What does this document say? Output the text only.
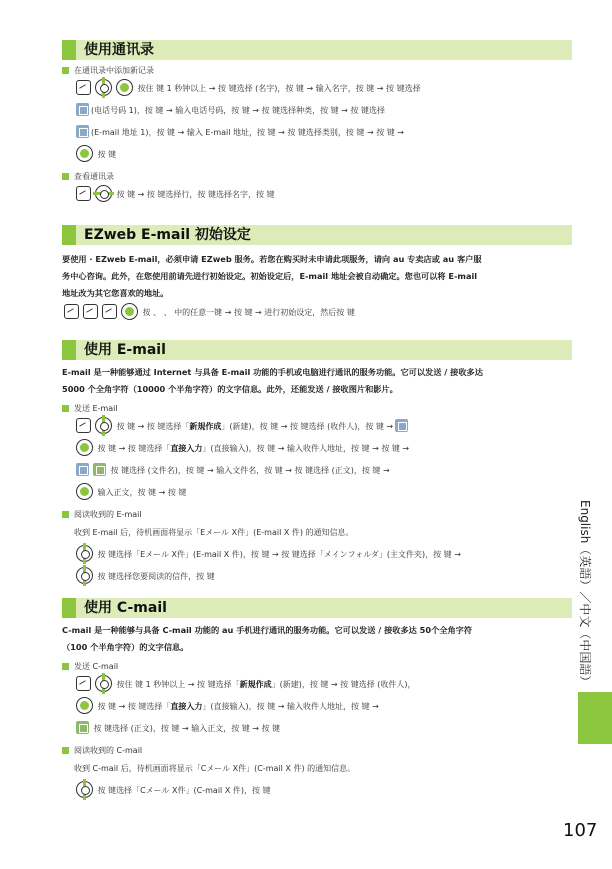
使用通讯录
在通讯录中添加新记录
按住 键 1 秒钟以上 → 按 键选择 (名字)，按 键 → 输入名字，按 键 → 按 键选择
(电话号码 1)，按 键 → 输入电话号码，按 键 → 按 键选择种类，按 键 → 按 键选择
(E-mail 地址 1)，按 键 → 输入 E-mail 地址，按 键 → 按 键选择类别，按 键 → 按 键 →
按 键
查看通讯录
按 键 → 按 键选择行，按 键选择名字，按 键
EZweb E-mail 初始设定
要使用 · EZweb E-mail，必须申请 EZweb 服务。若您在购买时未申请此项服务，请向 au 专卖店或 au 客户服
务中心咨询。此外，在您使用前请先进行初始设定。初始设定后，E-mail 地址会被自动确定。您也可以将 E-mail
地址改为其它您喜欢的地址。
按 、 、 中的任意一键 → 按 键 → 进行初始设定，然后按 键
使用 E-mail
E-mail 是一种能够通过 Internet 与具备 E-mail 功能的手机或电脑进行通讯的服务功能。它可以发送 / 接收多达
5000 个全角字符（10000 个半角字符）的文字信息。此外，还能发送 / 接收图片和影片。
发送 E-mail
按 键 → 按 键选择「新規作成」(新建)，按 键 → 按 键选择 (收件人)，按 键 →
按 键 → 按 键选择「直接入力」(直接输入)，按 键 → 输入收件人地址，按 键 → 按 键 →
按 键选择 (文件名)，按 键 → 输入文件名，按 键 → 按 键选择 (正文)，按 键 →
输入正文，按 键 → 按 键
阅读收到的 E-mail
收到 E-mail 后，待机画面将显示「Eメール X件」(E-mail X 件) 的通知信息。
按 键选择「Eメール X件」(E-mail X 件)，按 键 → 按 键选择「メインフォルダ」(主文件夹)，按 键 →
按 键选择您要阅读的信件，按 键
使用 C-mail
C-mail 是一种能够与具备 C-mail 功能的 au 手机进行通讯的服务功能。它可以发送 / 接收多达 50个全角字符
（100 个半角字符）的文字信息。
发送 C-mail
按住 键 1 秒钟以上 → 按 键选择「新規作成」(新建)，按 键 → 按 键选择 (收件人)，
按 键 → 按 键选择「直接入力」(直接输入)，按 键 → 输入收件人地址，按 键 →
按 键选择 (正文)，按 键 → 输入正文，按 键 → 按 键
阅读收到的 C-mail
收到 C-mail 后，待机画面将显示「Cメール X件」(C-mail X 件) 的通知信息。
按 键选择「Cメール X件」(C-mail X 件)，按 键
English（英語）／中文（中国語）
107
